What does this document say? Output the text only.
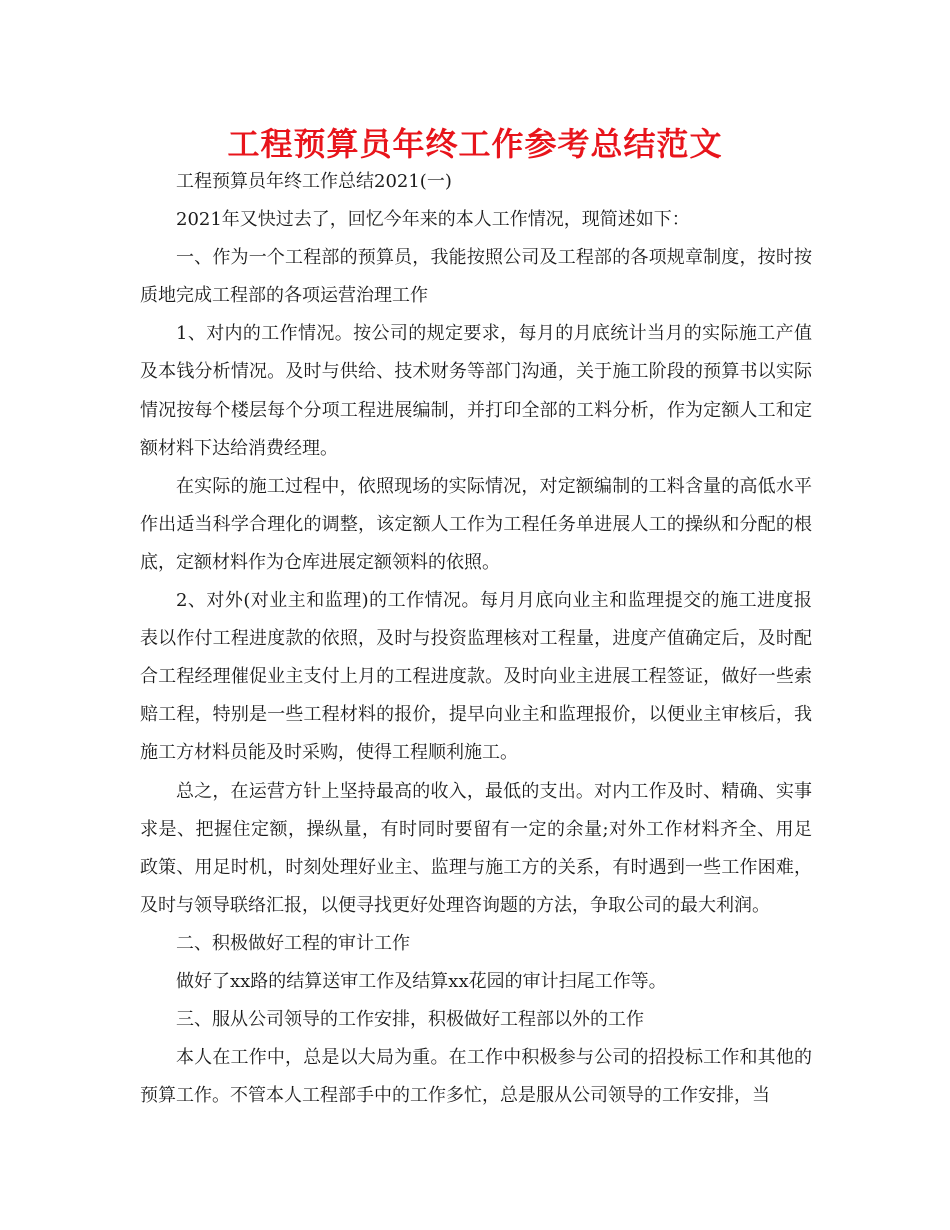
工程预算员年终工作参考总结范文

工程预算员年终工作总结2021(一)

2021年又快过去了，回忆今年来的本人工作情况，现简述如下：

一、作为一个工程部的预算员，我能按照公司及工程部的各项规章制度，按时按质地完成工程部的各项运营治理工作

1、对内的工作情况。按公司的规定要求，每月的月底统计当月的实际施工产值及本钱分析情况。及时与供给、技术财务等部门沟通，关于施工阶段的预算书以实际情况按每个楼层每个分项工程进展编制，并打印全部的工料分析，作为定额人工和定额材料下达给消费经理。

在实际的施工过程中，依照现场的实际情况，对定额编制的工料含量的高低水平作出适当科学合理化的调整，该定额人工作为工程任务单进展人工的操纵和分配的根底，定额材料作为仓库进展定额领料的依照。

2、对外(对业主和监理)的工作情况。每月月底向业主和监理提交的施工进度报表以作付工程进度款的依照，及时与投资监理核对工程量，进度产值确定后，及时配合工程经理催促业主支付上月的工程进度款。及时向业主进展工程签证，做好一些索赔工程，特别是一些工程材料的报价，提早向业主和监理报价，以便业主审核后，我施工方材料员能及时采购，使得工程顺利施工。

总之，在运营方针上坚持最高的收入，最低的支出。对内工作及时、精确、实事求是、把握住定额，操纵量，有时同时要留有一定的余量;对外工作材料齐全、用足政策、用足时机，时刻处理好业主、监理与施工方的关系，有时遇到一些工作困难，及时与领导联络汇报，以便寻找更好处理咨询题的方法，争取公司的最大利润。

二、积极做好工程的审计工作

做好了xx路的结算送审工作及结算xx花园的审计扫尾工作等。

三、服从公司领导的工作安排，积极做好工程部以外的工作

本人在工作中，总是以大局为重。在工作中积极参与公司的招投标工作和其他的预算工作。不管本人工程部手中的工作多忙，总是服从公司领导的工作安排，当
